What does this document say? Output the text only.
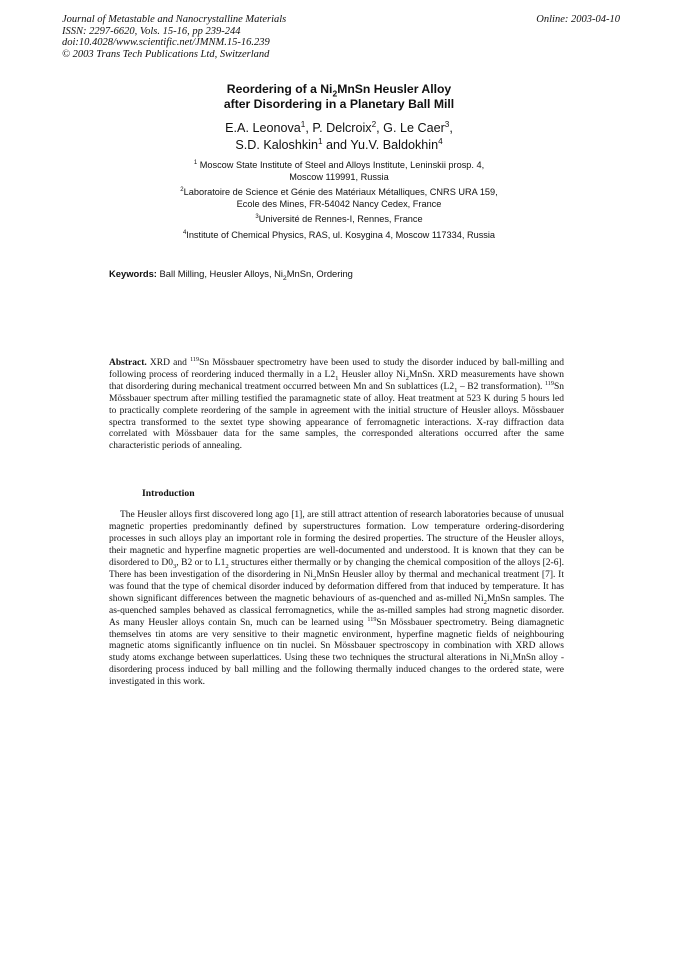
Journal of Metastable and Nanocrystalline Materials
ISSN: 2297-6620, Vols. 15-16, pp 239-244
doi:10.4028/www.scientific.net/JMNM.15-16.239
© 2003 Trans Tech Publications Ltd, Switzerland
Online: 2003-04-10
Reordering of a $Ni_2MnSn$ Heusler Alloy
after Disordering in a Planetary Ball Mill
E.A. Leonova$^1$, P. Delcroix$^2$, G. Le Caer$^3$,
S.D. Kaloshkin$^1$ and Yu.V. Baldokhin$^4$
$^1$ Moscow State Institute of Steel and Alloys Institute, Leninskii prosp. 4,
Moscow 119991, Russia
$^2$Laboratoire de Science et Génie des Matériaux Métalliques, CNRS URA 159,
Ecole des Mines, FR-54042 Nancy Cedex, France
$^3$Université de Rennes-I, Rennes, France
$^4$Institute of Chemical Physics, RAS, ul. Kosygina 4, Moscow 117334, Russia
Keywords: Ball Milling, Heusler Alloys, $Ni_2MnSn$, Ordering
Abstract. XRD and $^{119}$Sn Mössbauer spectrometry have been used to study the disorder induced by ball-milling and following process of reordering induced thermally in a $L2_1$ Heusler alloy $Ni_2MnSn$. XRD measurements have shown that disordering during mechanical treatment occurred between Mn and Sn sublattices ($L2_1 - B2$ transformation). $^{119}$Sn Mössbauer spectrum after milling testified the paramagnetic state of alloy. Heat treatment at 523 K during 5 hours led to practically complete reordering of the sample in agreement with the initial structure of Heusler alloys. Mössbauer spectra transformed to the sextet type showing appearance of ferromagnetic interactions. X-ray diffraction data correlated with Mössbauer data for the same samples, the corresponded alterations occurred after the same characteristic periods of annealing.
Introduction
The Heusler alloys first discovered long ago [1], are still attract attention of research laboratories because of unusual magnetic properties predominantly defined by superstructures formation. Low temperature ordering-disordering processes in such alloys play an important role in forming the desired properties. The structure of the Heusler alloys, their magnetic and hyperfine magnetic properties are well-documented and understood. It is known that they can be disordered to $D0_3$, B2 or to $L1_2$ structures either thermally or by changing the chemical composition of the alloys [2-6]. There has been investigation of the disordering in $Ni_2MnSn$ Heusler alloy by thermal and mechanical treatment [7]. It was found that the type of chemical disorder induced by deformation differed from that induced by temperature. It has shown significant differences between the magnetic behaviours of as-quenched and as-milled $Ni_2MnSn$ samples. The as-quenched samples behaved as classical ferromagnetics, while the as-milled samples had strong magnetic disorder. As many Heusler alloys contain Sn, much can be learned using $^{119}$Sn Mössbauer spectrometry. Being diamagnetic themselves tin atoms are very sensitive to their magnetic environment, hyperfine magnetic fields of neighbouring magnetic atoms significantly influence on tin nuclei. Sn Mössbauer spectroscopy in combination with XRD allows study atoms exchange between superlattices. Using these two techniques the structural alterations in $Ni_2MnSn$ alloy - disordering process induced by ball milling and the following thermally induced changes to the ordered state, were investigated in this work.
